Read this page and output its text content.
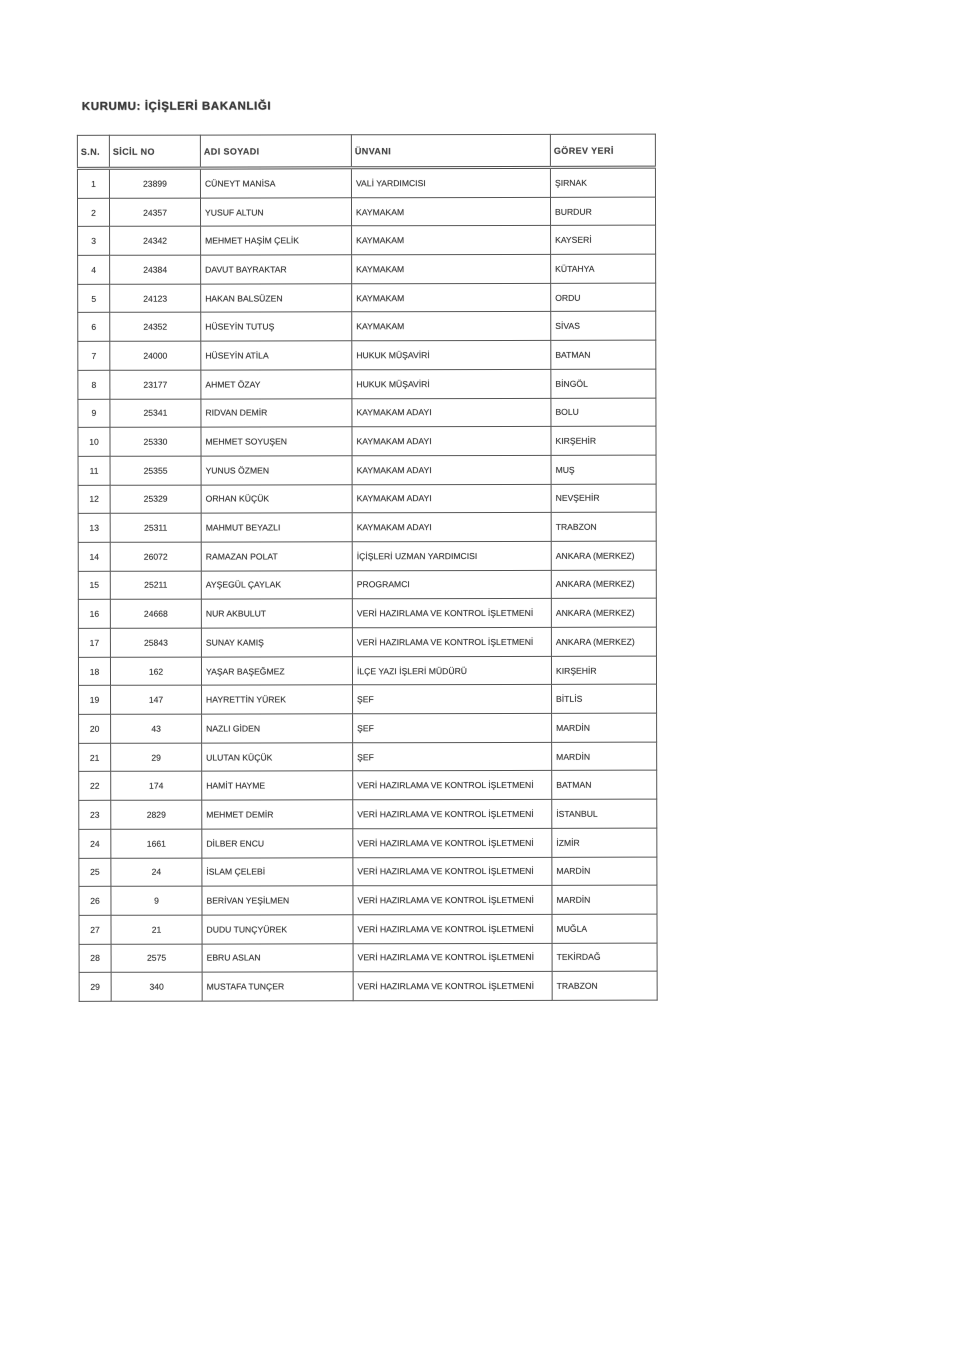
KURUMU: İÇİŞLERİ BAKANLIĞI
S.N.	SİCİL NO	ADI SOYADI	ÜNVANI	GÖREV YERİ
1	23899	CÜNEYT MANİSA	VALİ YARDIMCISI	ŞIRNAK
2	24357	YUSUF ALTUN	KAYMAKAM	BURDUR
3	24342	MEHMET HAŞİM ÇELİK	KAYMAKAM	KAYSERİ
4	24384	DAVUT BAYRAKTAR	KAYMAKAM	KÜTAHYA
5	24123	HAKAN BALSÜZEN	KAYMAKAM	ORDU
6	24352	HÜSEYİN TUTUŞ	KAYMAKAM	SİVAS
7	24000	HÜSEYİN ATİLA	HUKUK MÜŞAVİRİ	BATMAN
8	23177	AHMET ÖZAY	HUKUK MÜŞAVİRİ	BİNGÖL
9	25341	RIDVAN DEMİR	KAYMAKAM ADAYI	BOLU
10	25330	MEHMET SOYUŞEN	KAYMAKAM ADAYI	KIRŞEHİR
11	25355	YUNUS ÖZMEN	KAYMAKAM ADAYI	MUŞ
12	25329	ORHAN KÜÇÜK	KAYMAKAM ADAYI	NEVŞEHİR
13	25311	MAHMUT BEYAZLI	KAYMAKAM ADAYI	TRABZON
14	26072	RAMAZAN POLAT	İÇİŞLERİ UZMAN YARDIMCISI	ANKARA (MERKEZ)
15	25211	AYŞEGÜL ÇAYLAK	PROGRAMCI	ANKARA (MERKEZ)
16	24668	NUR AKBULUT	VERİ HAZIRLAMA VE KONTROL İŞLETMENİ	ANKARA (MERKEZ)
17	25843	SUNAY KAMIŞ	VERİ HAZIRLAMA VE KONTROL İŞLETMENİ	ANKARA (MERKEZ)
18	162	YAŞAR BAŞEĞMEZ	İLÇE YAZI İŞLERİ MÜDÜRÜ	KIRŞEHİR
19	147	HAYRETTİN YÜREK	ŞEF	BİTLİS
20	43	NAZLI GİDEN	ŞEF	MARDİN
21	29	ULUTAN KÜÇÜK	ŞEF	MARDİN
22	174	HAMİT HAYME	VERİ HAZIRLAMA VE KONTROL İŞLETMENİ	BATMAN
23	2829	MEHMET DEMİR	VERİ HAZIRLAMA VE KONTROL İŞLETMENİ	İSTANBUL
24	1661	DİLBER ENCU	VERİ HAZIRLAMA VE KONTROL İŞLETMENİ	İZMİR
25	24	İSLAM ÇELEBİ	VERİ HAZIRLAMA VE KONTROL İŞLETMENİ	MARDİN
26	9	BERİVAN YEŞİLMEN	VERİ HAZIRLAMA VE KONTROL İŞLETMENİ	MARDİN
27	21	DUDU TUNÇYÜREK	VERİ HAZIRLAMA VE KONTROL İŞLETMENİ	MUĞLA
28	2575	EBRU ASLAN	VERİ HAZIRLAMA VE KONTROL İŞLETMENİ	TEKİRDAĞ
29	340	MUSTAFA TUNÇER	VERİ HAZIRLAMA VE KONTROL İŞLETMENİ	TRABZON
